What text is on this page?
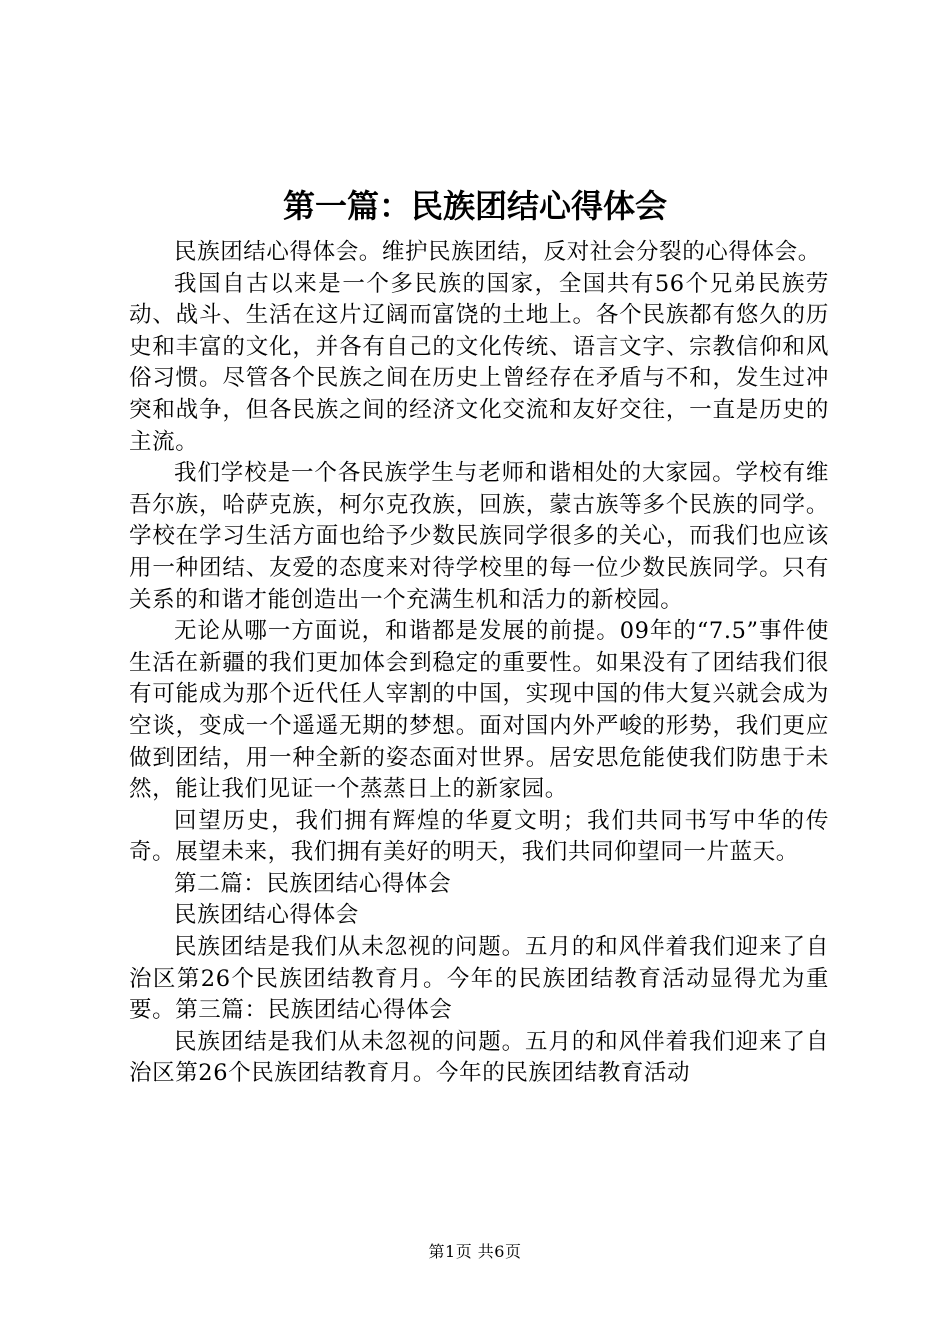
第一篇：民族团结心得体会

民族团结心得体会。维护民族团结，反对社会分裂的心得体会。

我国自古以来是一个多民族的国家，全国共有56个兄弟民族劳动、战斗、生活在这片辽阔而富饶的土地上。各个民族都有悠久的历史和丰富的文化，并各有自己的文化传统、语言文字、宗教信仰和风俗习惯。尽管各个民族之间在历史上曾经存在矛盾与不和，发生过冲突和战争，但各民族之间的经济文化交流和友好交往，一直是历史的主流。

我们学校是一个各民族学生与老师和谐相处的大家园。学校有维吾尔族，哈萨克族，柯尔克孜族，回族，蒙古族等多个民族的同学。学校在学习生活方面也给予少数民族同学很多的关心，而我们也应该用一种团结、友爱的态度来对待学校里的每一位少数民族同学。只有关系的和谐才能创造出一个充满生机和活力的新校园。

无论从哪一方面说，和谐都是发展的前提。09年的“7.5”事件使生活在新疆的我们更加体会到稳定的重要性。如果没有了团结我们很有可能成为那个近代任人宰割的中国，实现中国的伟大复兴就会成为空谈，变成一个遥遥无期的梦想。面对国内外严峻的形势，我们更应做到团结，用一种全新的姿态面对世界。居安思危能使我们防患于未然，能让我们见证一个蒸蒸日上的新家园。

回望历史，我们拥有辉煌的华夏文明；我们共同书写中华的传奇。展望未来，我们拥有美好的明天，我们共同仰望同一片蓝天。

第二篇：民族团结心得体会

民族团结心得体会

民族团结是我们从未忽视的问题。五月的和风伴着我们迎来了自治区第26个民族团结教育月。今年的民族团结教育活动显得尤为重要。第三篇：民族团结心得体会

民族团结是我们从未忽视的问题。五月的和风伴着我们迎来了自治区第26个民族团结教育月。今年的民族团结教育活动

第1页 共6页
